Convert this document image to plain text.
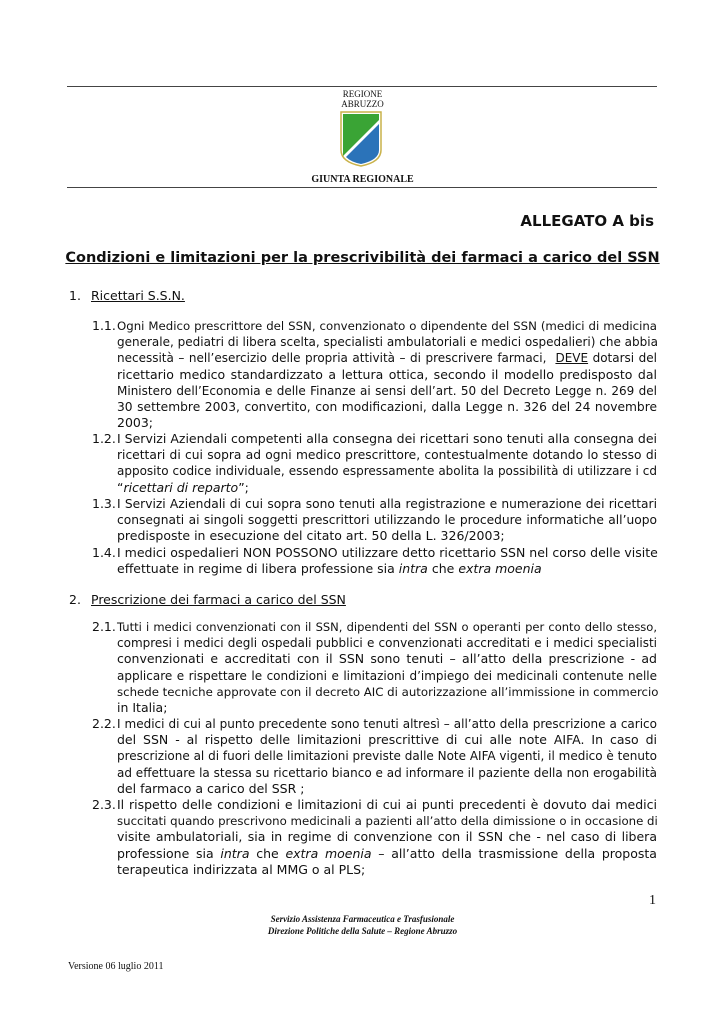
REGIONE
ABRUZZO
GIUNTA REGIONALE
ALLEGATO A bis
Condizioni e limitazioni per la prescrivibilità dei farmaci a carico del SSN
1. Ricettari S.S.N.
1.1. Ogni Medico prescrittore del SSN, convenzionato o dipendente del SSN (medici di medicina
generale, pediatri di libera scelta, specialisti ambulatoriali e medici ospedalieri) che abbia
necessità – nell’esercizio delle propria attività – di prescrivere farmaci, DEVE dotarsi del
ricettario medico standardizzato a lettura ottica, secondo il modello predisposto dal
Ministero dell’Economia e delle Finanze ai sensi dell’art. 50 del Decreto Legge n. 269 del
30 settembre 2003, convertito, con modificazioni, dalla Legge n. 326 del 24 novembre
2003;
1.2. I Servizi Aziendali competenti alla consegna dei ricettari sono tenuti alla consegna dei
ricettari di cui sopra ad ogni medico prescrittore, contestualmente dotando lo stesso di
apposito codice individuale, essendo espressamente abolita la possibilità di utilizzare i cd
“ricettari di reparto”;
1.3. I Servizi Aziendali di cui sopra sono tenuti alla registrazione e numerazione dei ricettari
consegnati ai singoli soggetti prescrittori utilizzando le procedure informatiche all’uopo
predisposte in esecuzione del citato art. 50 della L. 326/2003;
1.4. I medici ospedalieri NON POSSONO utilizzare detto ricettario SSN nel corso delle visite
effettuate in regime di libera professione sia intra che extra moenia
2. Prescrizione dei farmaci a carico del SSN
2.1. Tutti i medici convenzionati con il SSN, dipendenti del SSN o operanti per conto dello stesso,
compresi i medici degli ospedali pubblici e convenzionati accreditati e i medici specialisti
convenzionati e accreditati con il SSN sono tenuti – all’atto della prescrizione - ad
applicare e rispettare le condizioni e limitazioni d’impiego dei medicinali contenute nelle
schede tecniche approvate con il decreto AIC di autorizzazione all’immissione in commercio
in Italia;
2.2. I medici di cui al punto precedente sono tenuti altresì – all’atto della prescrizione a carico
del SSN - al rispetto delle limitazioni prescrittive di cui alle note AIFA. In caso di
prescrizione al di fuori delle limitazioni previste dalle Note AIFA vigenti, il medico è tenuto
ad effettuare la stessa su ricettario bianco e ad informare il paziente della non erogabilità
del farmaco a carico del SSR ;
2.3. Il rispetto delle condizioni e limitazioni di cui ai punti precedenti è dovuto dai medici
succitati quando prescrivono medicinali a pazienti all’atto della dimissione o in occasione di
visite ambulatoriali, sia in regime di convenzione con il SSN che - nel caso di libera
professione sia intra che extra moenia – all’atto della trasmissione della proposta
terapeutica indirizzata al MMG o al PLS;
1
Servizio Assistenza Farmaceutica e Trasfusionale
Direzione Politiche della Salute – Regione Abruzzo
Versione 06 luglio 2011
